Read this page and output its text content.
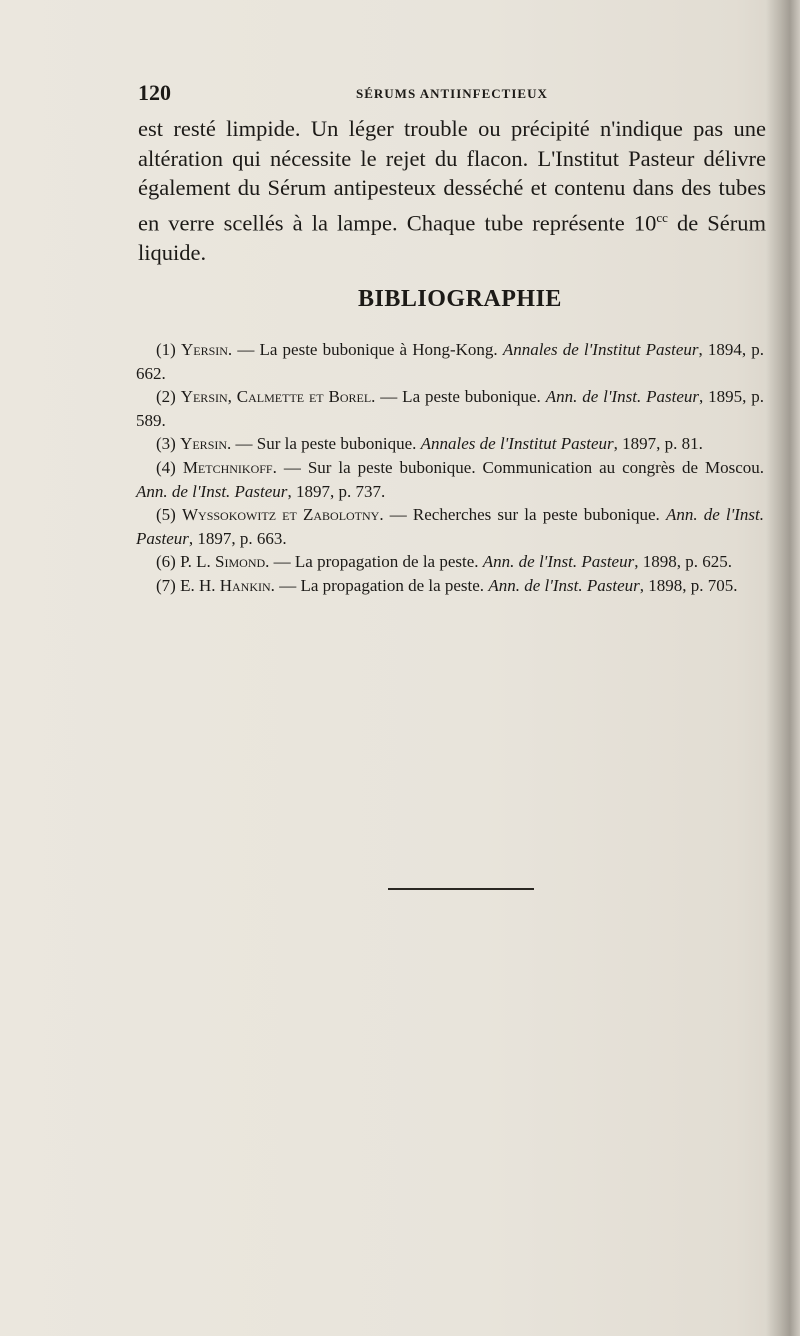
120	SÉRUMS ANTIINFECTIEUX

est resté limpide. Un léger trouble ou précipité n'indique pas une altération qui nécessite le rejet du flacon. L'Institut Pasteur délivre également du Sérum antipesteux desséché et contenu dans des tubes en verre scellés à la lampe. Chaque tube représente $10^{cc}$ de Sérum liquide.

BIBLIOGRAPHIE

(1) Yersin. — La peste bubonique à Hong-Kong. Annales de l'Institut Pasteur, 1894, p. 662.

(2) Yersin, Calmette et Borel. — La peste bubonique. Ann. de l'Inst. Pasteur, 1895, p. 589.

(3) Yersin. — Sur la peste bubonique. Annales de l'Institut Pasteur, 1897, p. 81.

(4) Metchnikoff. — Sur la peste bubonique. Communication au congrès de Moscou. Ann. de l'Inst. Pasteur, 1897, p. 737.

(5) Wyssokowitz et Zabolotny. — Recherches sur la peste bubonique. Ann. de l'Inst. Pasteur, 1897, p. 663.

(6) P. L. Simond. — La propagation de la peste. Ann. de l'Inst. Pasteur, 1898, p. 625.

(7) E. H. Hankin. — La propagation de la peste. Ann. de l'Inst. Pasteur, 1898, p. 705.
